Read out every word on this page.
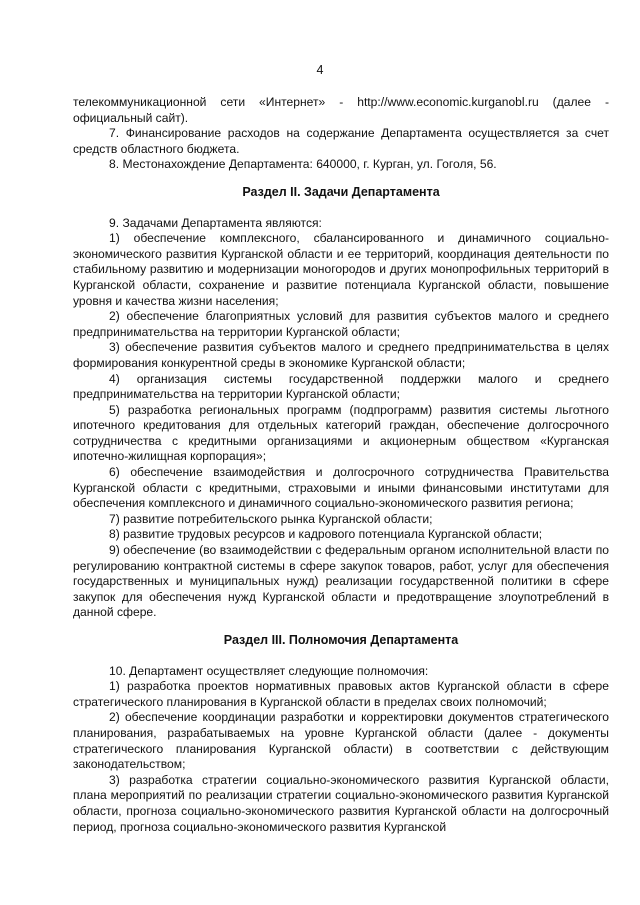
4

телекоммуникационной сети «Интернет» - http://www.economic.kurganobl.ru (далее - официальный сайт).

7. Финансирование расходов на содержание Департамента осуществляется за счет средств областного бюджета.

8. Местонахождение Департамента: 640000, г. Курган, ул. Гоголя, 56.

Раздел II. Задачи Департамента

9. Задачами Департамента являются:

1) обеспечение комплексного, сбалансированного и динамичного социально-экономического развития Курганской области и ее территорий, координация деятельности по стабильному развитию и модернизации моногородов и других монопрофильных территорий в Курганской области, сохранение и развитие потенциала Курганской области, повышение уровня и качества жизни населения;

2) обеспечение благоприятных условий для развития субъектов малого и среднего предпринимательства на территории Курганской области;

3) обеспечение развития субъектов малого и среднего предпринимательства в целях формирования конкурентной среды в экономике Курганской области;

4) организация системы государственной поддержки малого и среднего предпринимательства на территории Курганской области;

5) разработка региональных программ (подпрограмм) развития системы льготного ипотечного кредитования для отдельных категорий граждан, обеспечение долгосрочного сотрудничества с кредитными организациями и акционерным обществом «Курганская ипотечно-жилищная корпорация»;

6) обеспечение взаимодействия и долгосрочного сотрудничества Правительства Курганской области с кредитными, страховыми и иными финансовыми институтами для обеспечения комплексного и динамичного социально-экономического развития региона;

7) развитие потребительского рынка Курганской области;

8) развитие трудовых ресурсов и кадрового потенциала Курганской области;

9) обеспечение (во взаимодействии с федеральным органом исполнительной власти по регулированию контрактной системы в сфере закупок товаров, работ, услуг для обеспечения государственных и муниципальных нужд) реализации государственной политики в сфере закупок для обеспечения нужд Курганской области и предотвращение злоупотреблений в данной сфере.

Раздел III. Полномочия Департамента

10. Департамент осуществляет следующие полномочия:

1) разработка проектов нормативных правовых актов Курганской области в сфере стратегического планирования в Курганской области в пределах своих полномочий;

2) обеспечение координации разработки и корректировки документов стратегического планирования, разрабатываемых на уровне Курганской области (далее - документы стратегического планирования Курганской области) в соответствии с действующим законодательством;

3) разработка стратегии социально-экономического развития Курганской области, плана мероприятий по реализации стратегии социально-экономического развития Курганской области, прогноза социально-экономического развития Курганской области на долгосрочный период, прогноза социально-экономического развития Курганской
